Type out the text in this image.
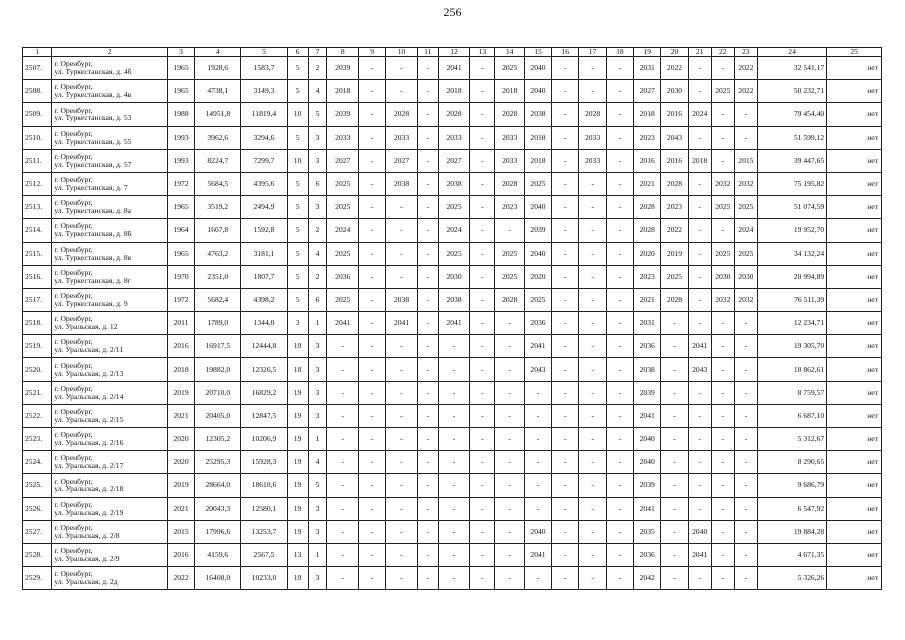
256
1	2	3	4	5	6	7	8	9	10	11	12	13	14	15	16	17	18	19	20	21	22	23	24	25
2507.	г. Оренбург,
ул. Туркестанская, д. 4б	1965	1928,6	1583,7	5	2	2039	-	-	-	2041	-	2025	2040	-	-	-	2031	2022	-	-	2022	32 541,17	нет
2508.	г. Оренбург,
ул. Туркестанская, д. 4в	1965	4738,1	3149,3	5	4	2018	-	-	-	2018	-	2018	2040	-	-	-	2027	2030	-	2025	2022	50 232,71	нет
2509.	г. Оренбург,
ул. Туркестанская, д. 53	1988	14951,8	11819,4	10	5	2039	-	2028	-	2028	-	2028	2038	-	2028	-	2018	2016	2024	-	-	79 454,40	нет
2510.	г. Оренбург,
ул. Туркестанская, д. 55	1993	3962,6	3294,6	5	3	2033	-	2033	-	2033	-	2033	2018	-	2033	-	2023	2043	-	-	-	51 599,12	нет
2511.	г. Оренбург,
ул. Туркестанская, д. 57	1993	8224,7	7299,7	10	3	2027	-	2027	-	2027	-	2033	2018	-	2033	-	2016	2016	2018	-	2015	39 447,65	нет
2512.	г. Оренбург,
ул. Туркестанская, д. 7	1972	5684,5	4395,6	5	6	2025	-	2038	-	2038	-	2028	2025	-	-	-	2021	2028	-	2032	2032	75 195,82	нет
2513.	г. Оренбург,
ул. Туркестанская, д. 8а	1965	3519,2	2494,9	5	3	2025	-	-	-	2025	-	2023	2040	-	-	-	2028	2023	-	2025	2025	51 074,59	нет
2514.	г. Оренбург,
ул. Туркестанская, д. 8б	1964	1667,8	1592,8	5	2	2024	-	-	-	2024	-	-	2039	-	-	-	2028	2022	-	-	2024	19 952,70	нет
2515.	г. Оренбург,
ул. Туркестанская, д. 8в	1965	4763,2	3181,1	5	4	2025	-	-	-	2025	-	2025	2040	-	-	-	2020	2019	-	2025	2025	34 132,24	нет
2516.	г. Оренбург,
ул. Туркестанская, д. 8г	1970	2351,0	1807,7	5	2	2036	-	-	-	2030	-	2025	2020	-	-	-	2023	2025	-	2030	2030	20 994,89	нет
2517.	г. Оренбург,
ул. Туркестанская, д. 9	1972	5682,4	4398,2	5	6	2025	-	2038	-	2038	-	2028	2025	-	-	-	2021	2028	-	2032	2032	76 511,39	нет
2518.	г. Оренбург,
ул. Уральская, д. 12	2011	1789,0	1344,0	3	1	2041	-	2041	-	2041	-	-	2036	-	-	-	2031	-	-	-	-	12 234,71	нет
2519.	г. Оренбург,
ул. Уральская, д. 2/11	2016	16917,5	12444,8	19	3	-	-	-	-	-	-	-	2041	-	-	-	2036	-	2041	-	-	19 305,70	нет
2520.	г. Оренбург,
ул. Уральская, д. 2/13	2018	19882,0	12326,5	18	3	-	-	-	-	-	-	-	2043	-	-	-	2038	-	2043	-	-	18 862,61	нет
2521.	г. Оренбург,
ул. Уральская, д. 2/14	2019	20710,0	16829,2	19	3	-	-	-	-	-	-	-	-	-	-	-	2039	-	-	-	-	8 759,57	нет
2522.	г. Оренбург,
ул. Уральская, д. 2/15	2021	20405,0	12847,5	19	3	-	-	-	-	-	-	-	-	-	-	-	2041	-	-	-	-	6 687,10	нет
2523.	г. Оренбург,
ул. Уральская, д. 2/16	2020	12305,2	10206,9	19	1	-	-	-	-	-	-	-	-	-	-	-	2040	-	-	-	-	5 312,67	нет
2524.	г. Оренбург,
ул. Уральская, д. 2/17	2020	25295,3	15928,3	19	4	-	-	-	-	-	-	-	-	-	-	-	2040	-	-	-	-	8 290,65	нет
2525.	г. Оренбург,
ул. Уральская, д. 2/18	2019	28664,0	18610,6	19	5	-	-	-	-	-	-	-	-	-	-	-	2039	-	-	-	-	9 686,79	нет
2526.	г. Оренбург,
ул. Уральская, д. 2/19	2021	20043,3	12580,1	19	3	-	-	-	-	-	-	-	-	-	-	-	2041	-	-	-	-	6 547,92	нет
2527.	г. Оренбург,
ул. Уральская, д. 2/8	2015	17996,6	13253,7	19	3	-	-	-	-	-	-	-	2040	-	-	-	2035	-	2040	-	-	19 884,28	нет
2528.	г. Оренбург,
ул. Уральская, д. 2/9	2016	4159,6	2567,5	13	1	-	-	-	-	-	-	-	2041	-	-	-	2036	-	2041	-	-	4 671,35	нет
2529.	г. Оренбург,
ул. Уральская, д. 2д	2022	16408,0	10233,0	19	3	-	-	-	-	-	-	-	-	-	-	-	2042	-	-	-	-	5 326,26	нет
